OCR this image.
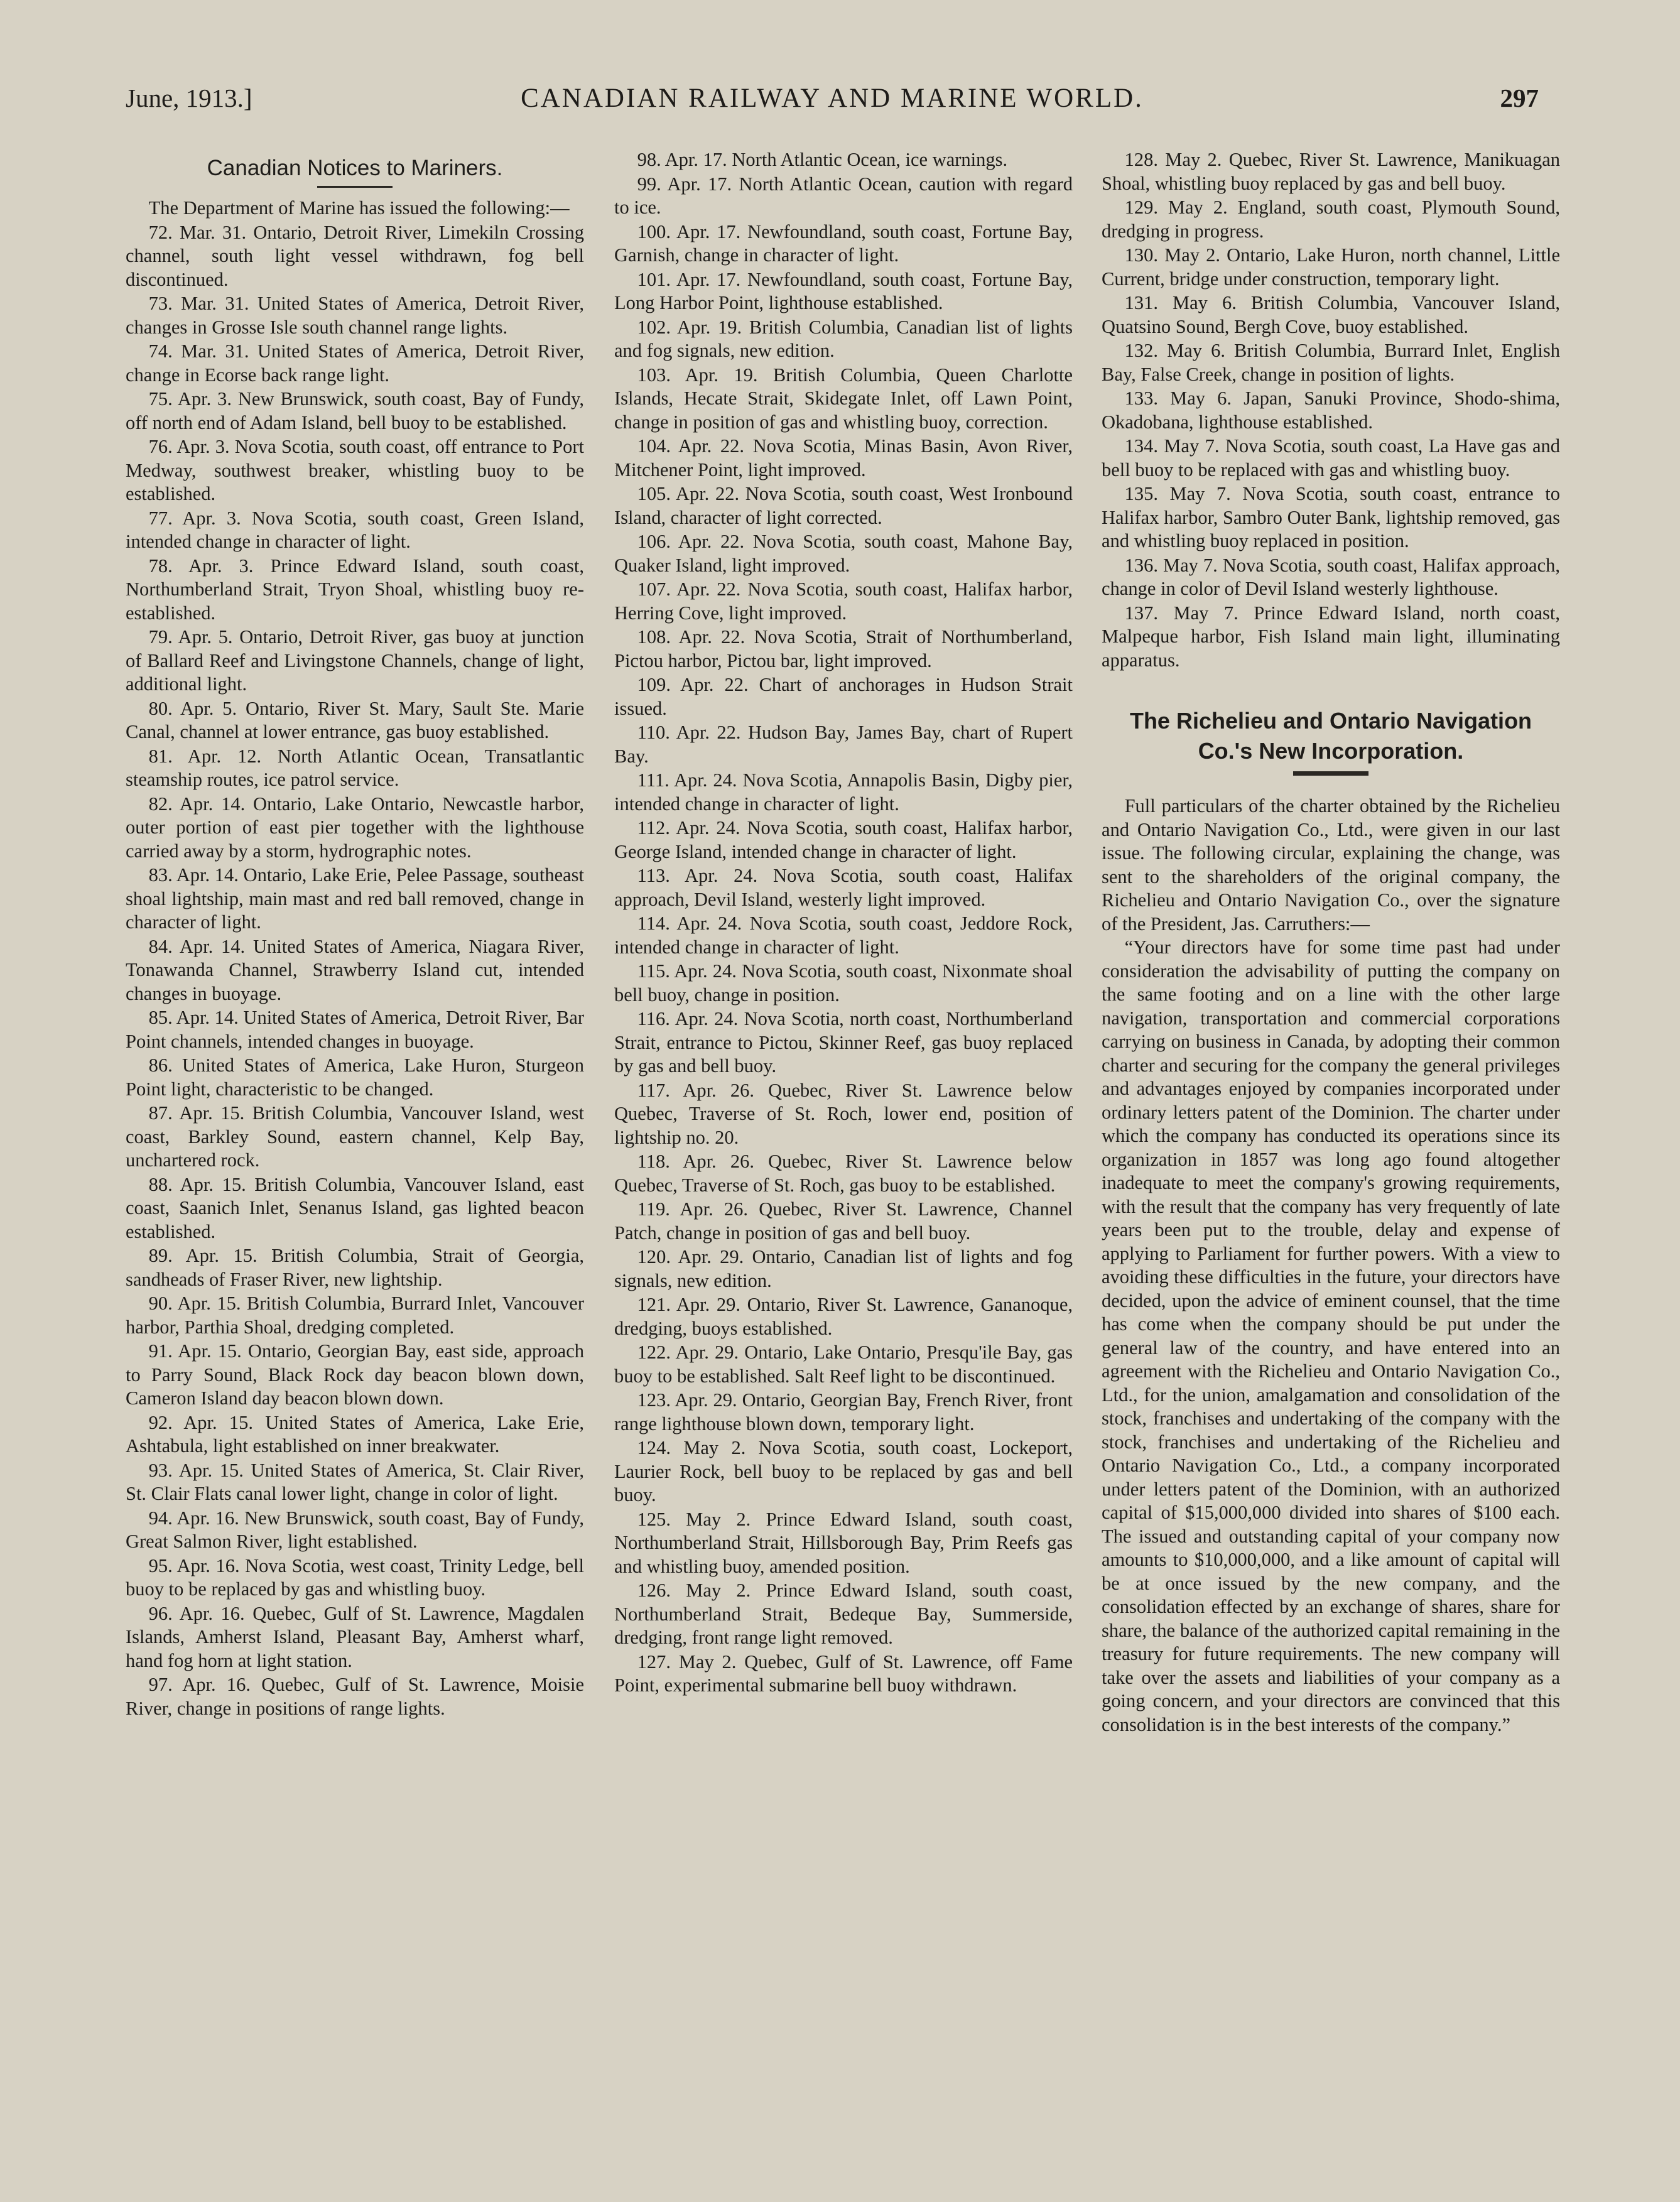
June, 1913.]	CANADIAN RAILWAY AND MARINE WORLD.	297
Canadian Notices to Mariners.

The Department of Marine has issued the following:—

72. Mar. 31. Ontario, Detroit River, Limekiln Crossing channel, south light vessel withdrawn, fog bell discontinued.

73. Mar. 31. United States of America, Detroit River, changes in Grosse Isle south channel range lights.

74. Mar. 31. United States of America, Detroit River, change in Ecorse back range light.

75. Apr. 3. New Brunswick, south coast, Bay of Fundy, off north end of Adam Island, bell buoy to be established.

76. Apr. 3. Nova Scotia, south coast, off entrance to Port Medway, southwest breaker, whistling buoy to be established.

77. Apr. 3. Nova Scotia, south coast, Green Island, intended change in character of light.

78. Apr. 3. Prince Edward Island, south coast, Northumberland Strait, Tryon Shoal, whistling buoy re-established.

79. Apr. 5. Ontario, Detroit River, gas buoy at junction of Ballard Reef and Livingstone Channels, change of light, additional light.

80. Apr. 5. Ontario, River St. Mary, Sault Ste. Marie Canal, channel at lower entrance, gas buoy established.

81. Apr. 12. North Atlantic Ocean, Transatlantic steamship routes, ice patrol service.

82. Apr. 14. Ontario, Lake Ontario, Newcastle harbor, outer portion of east pier together with the lighthouse carried away by a storm, hydrographic notes.

83. Apr. 14. Ontario, Lake Erie, Pelee Passage, southeast shoal lightship, main mast and red ball removed, change in character of light.

84. Apr. 14. United States of America, Niagara River, Tonawanda Channel, Strawberry Island cut, intended changes in buoyage.

85. Apr. 14. United States of America, Detroit River, Bar Point channels, intended changes in buoyage.

86. United States of America, Lake Huron, Sturgeon Point light, characteristic to be changed.

87. Apr. 15. British Columbia, Vancouver Island, west coast, Barkley Sound, eastern channel, Kelp Bay, unchartered rock.

88. Apr. 15. British Columbia, Vancouver Island, east coast, Saanich Inlet, Senanus Island, gas lighted beacon established.

89. Apr. 15. British Columbia, Strait of Georgia, sandheads of Fraser River, new lightship.

90. Apr. 15. British Columbia, Burrard Inlet, Vancouver harbor, Parthia Shoal, dredging completed.

91. Apr. 15. Ontario, Georgian Bay, east side, approach to Parry Sound, Black Rock day beacon blown down, Cameron Island day beacon blown down.

92. Apr. 15. United States of America, Lake Erie, Ashtabula, light established on inner breakwater.

93. Apr. 15. United States of America, St. Clair River, St. Clair Flats canal lower light, change in color of light.

94. Apr. 16. New Brunswick, south coast, Bay of Fundy, Great Salmon River, light established.

95. Apr. 16. Nova Scotia, west coast, Trinity Ledge, bell buoy to be replaced by gas and whistling buoy.

96. Apr. 16. Quebec, Gulf of St. Lawrence, Magdalen Islands, Amherst Island, Pleasant Bay, Amherst wharf, hand fog horn at light station.

97. Apr. 16. Quebec, Gulf of St. Lawrence, Moisie River, change in positions of range lights.

98. Apr. 17. North Atlantic Ocean, ice warnings.

99. Apr. 17. North Atlantic Ocean, caution with regard to ice.

100. Apr. 17. Newfoundland, south coast, Fortune Bay, Garnish, change in character of light.

101. Apr. 17. Newfoundland, south coast, Fortune Bay, Long Harbor Point, lighthouse established.

102. Apr. 19. British Columbia, Canadian list of lights and fog signals, new edition.

103. Apr. 19. British Columbia, Queen Charlotte Islands, Hecate Strait, Skidegate Inlet, off Lawn Point, change in position of gas and whistling buoy, correction.

104. Apr. 22. Nova Scotia, Minas Basin, Avon River, Mitchener Point, light improved.

105. Apr. 22. Nova Scotia, south coast, West Ironbound Island, character of light corrected.

106. Apr. 22. Nova Scotia, south coast, Mahone Bay, Quaker Island, light improved.

107. Apr. 22. Nova Scotia, south coast, Halifax harbor, Herring Cove, light improved.

108. Apr. 22. Nova Scotia, Strait of Northumberland, Pictou harbor, Pictou bar, light improved.

109. Apr. 22. Chart of anchorages in Hudson Strait issued.

110. Apr. 22. Hudson Bay, James Bay, chart of Rupert Bay.

111. Apr. 24. Nova Scotia, Annapolis Basin, Digby pier, intended change in character of light.

112. Apr. 24. Nova Scotia, south coast, Halifax harbor, George Island, intended change in character of light.

113. Apr. 24. Nova Scotia, south coast, Halifax approach, Devil Island, westerly light improved.

114. Apr. 24. Nova Scotia, south coast, Jeddore Rock, intended change in character of light.

115. Apr. 24. Nova Scotia, south coast, Nixonmate shoal bell buoy, change in position.

116. Apr. 24. Nova Scotia, north coast, Northumberland Strait, entrance to Pictou, Skinner Reef, gas buoy replaced by gas and bell buoy.

117. Apr. 26. Quebec, River St. Lawrence below Quebec, Traverse of St. Roch, lower end, position of lightship no. 20.

118. Apr. 26. Quebec, River St. Lawrence below Quebec, Traverse of St. Roch, gas buoy to be established.

119. Apr. 26. Quebec, River St. Lawrence, Channel Patch, change in position of gas and bell buoy.

120. Apr. 29. Ontario, Canadian list of lights and fog signals, new edition.

121. Apr. 29. Ontario, River St. Lawrence, Gananoque, dredging, buoys established.

122. Apr. 29. Ontario, Lake Ontario, Presqu'ile Bay, gas buoy to be established. Salt Reef light to be discontinued.

123. Apr. 29. Ontario, Georgian Bay, French River, front range lighthouse blown down, temporary light.

124. May 2. Nova Scotia, south coast, Lockeport, Laurier Rock, bell buoy to be replaced by gas and bell buoy.

125. May 2. Prince Edward Island, south coast, Northumberland Strait, Hillsborough Bay, Prim Reefs gas and whistling buoy, amended position.

126. May 2. Prince Edward Island, south coast, Northumberland Strait, Bedeque Bay, Summerside, dredging, front range light removed.

127. May 2. Quebec, Gulf of St. Lawrence, off Fame Point, experimental submarine bell buoy withdrawn.

128. May 2. Quebec, River St. Lawrence, Manikuagan Shoal, whistling buoy replaced by gas and bell buoy.

129. May 2. England, south coast, Plymouth Sound, dredging in progress.

130. May 2. Ontario, Lake Huron, north channel, Little Current, bridge under construction, temporary light.

131. May 6. British Columbia, Vancouver Island, Quatsino Sound, Bergh Cove, buoy established.

132. May 6. British Columbia, Burrard Inlet, English Bay, False Creek, change in position of lights.

133. May 6. Japan, Sanuki Province, Shodo-shima, Okadobana, lighthouse established.

134. May 7. Nova Scotia, south coast, La Have gas and bell buoy to be replaced with gas and whistling buoy.

135. May 7. Nova Scotia, south coast, entrance to Halifax harbor, Sambro Outer Bank, lightship removed, gas and whistling buoy replaced in position.

136. May 7. Nova Scotia, south coast, Halifax approach, change in color of Devil Island westerly lighthouse.

137. May 7. Prince Edward Island, north coast, Malpeque harbor, Fish Island main light, illuminating apparatus.

The Richelieu and Ontario Navigation
Co.'s New Incorporation.

Full particulars of the charter obtained by the Richelieu and Ontario Navigation Co., Ltd., were given in our last issue. The following circular, explaining the change, was sent to the shareholders of the original company, the Richelieu and Ontario Navigation Co., over the signature of the President, Jas. Carruthers:—

“Your directors have for some time past had under consideration the advisability of putting the company on the same footing and on a line with the other large navigation, transportation and commercial corporations carrying on business in Canada, by adopting their common charter and securing for the company the general privileges and advantages enjoyed by companies incorporated under ordinary letters patent of the Dominion. The charter under which the company has conducted its operations since its organization in 1857 was long ago found altogether inadequate to meet the company's growing requirements, with the result that the company has very frequently of late years been put to the trouble, delay and expense of applying to Parliament for further powers. With a view to avoiding these difficulties in the future, your directors have decided, upon the advice of eminent counsel, that the time has come when the company should be put under the general law of the country, and have entered into an agreement with the Richelieu and Ontario Navigation Co., Ltd., for the union, amalgamation and consolidation of the stock, franchises and undertaking of the company with the stock, franchises and undertaking of the Richelieu and Ontario Navigation Co., Ltd., a company incorporated under letters patent of the Dominion, with an authorized capital of $15,000,000 divided into shares of $100 each. The issued and outstanding capital of your company now amounts to $10,000,000, and a like amount of capital will be at once issued by the new company, and the consolidation effected by an exchange of shares, share for share, the balance of the authorized capital remaining in the treasury for future requirements. The new company will take over the assets and liabilities of your company as a going concern, and your directors are convinced that this consolidation is in the best interests of the company.”
